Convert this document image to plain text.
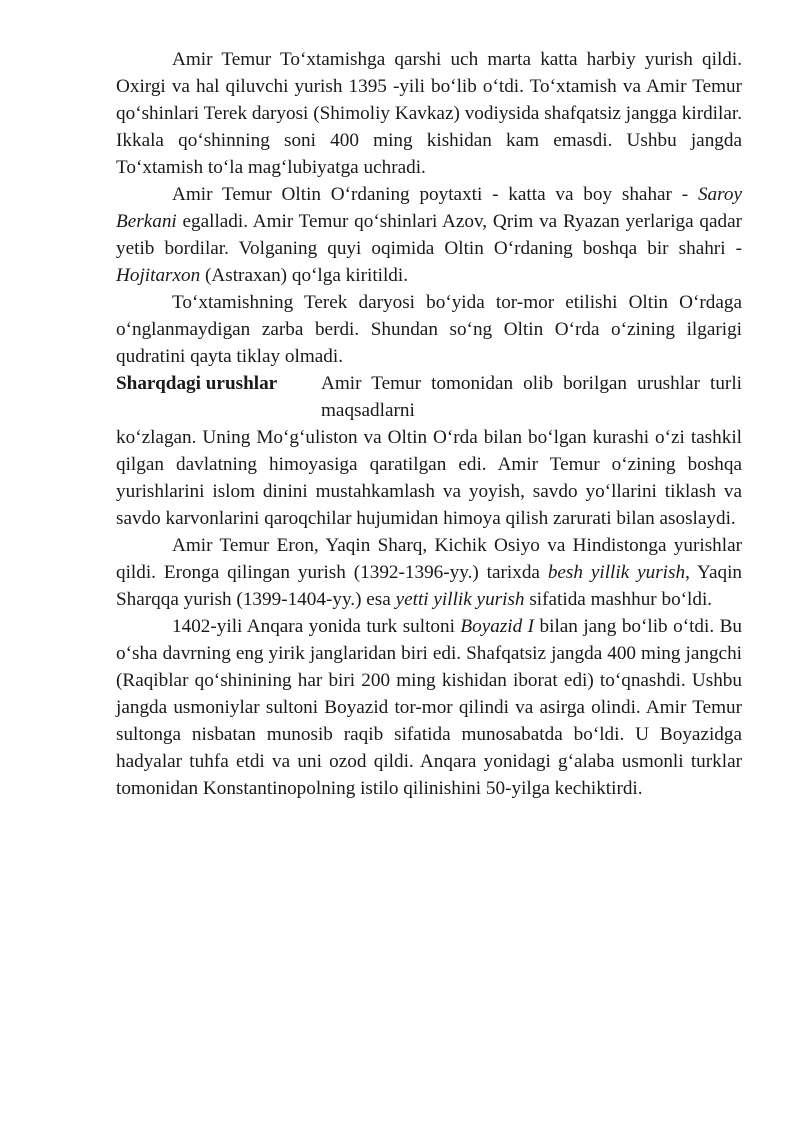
Amir Temur To‘xtamishga qarshi uch marta katta harbiy yurish qildi. Oxirgi va hal qiluvchi yurish 1395 -yili bo‘lib o‘tdi. To‘xtamish va Amir Temur qo‘shinlari Terek daryosi (Shimoliy Kavkaz) vodiysida shafqatsiz jangga kirdilar. Ikkala qo‘shinning soni 400 ming kishidan kam emasdi. Ushbu jangda To‘xtamish to‘la mag‘lubiyatga uchradi.

Amir Temur Oltin O‘rdaning poytaxti - katta va boy shahar - Saroy Berkani egalladi. Amir Temur qo‘shinlari Azov, Qrim va Ryazan yerlariga qadar yetib bordilar. Volganing quyi oqimida Oltin O‘rdaning boshqa bir shahri -Hojitarxon (Astraxan) qo‘lga kiritildi.

To‘xtamishning Terek daryosi bo‘yida tor-mor etilishi Oltin O‘rdaga o‘nglanmaydigan zarba berdi. Shundan so‘ng Oltin O‘rda o‘zining ilgarigi qudratini qayta tiklay olmadi.

Sharqdagi urushlar	Amir Temur tomonidan olib borilgan urushlar turli maqsadlarni

ko‘zlagan. Uning Mo‘g‘uliston va Oltin O‘rda bilan bo‘lgan kurashi o‘zi tashkil qilgan davlatning himoyasiga qaratilgan edi. Amir Temur o‘zining boshqa yurishlarini islom dinini mustahkamlash va yoyish, savdo yo‘llarini tiklash va savdo karvonlarini qaroqchilar hujumidan himoya qilish zarurati bilan asoslaydi.

Amir Temur Eron, Yaqin Sharq, Kichik Osiyo va Hindistonga yurishlar qildi. Eronga qilingan yurish (1392-1396-yy.) tarixda besh yillik yurish, Yaqin Sharqqa yurish (1399-1404-yy.) esa yetti yillik yurish sifatida mashhur bo‘ldi.

1402-yili Anqara yonida turk sultoni Boyazid I bilan jang bo‘lib o‘tdi. Bu o‘sha davrning eng yirik janglaridan biri edi. Shafqatsiz jangda 400 ming jangchi (Raqiblar qo‘shinining har biri 200 ming kishidan iborat edi) to‘qnashdi. Ushbu jangda usmoniylar sultoni Boyazid tor-mor qilindi va asirga olindi. Amir Temur sultonga nisbatan munosib raqib sifatida munosabatda bo‘ldi. U Boyazidga hadyalar tuhfa etdi va uni ozod qildi. Anqara yonidagi g‘alaba usmonli turklar tomonidan Konstantinopolning istilo qilinishini 50-yilga kechiktirdi.
